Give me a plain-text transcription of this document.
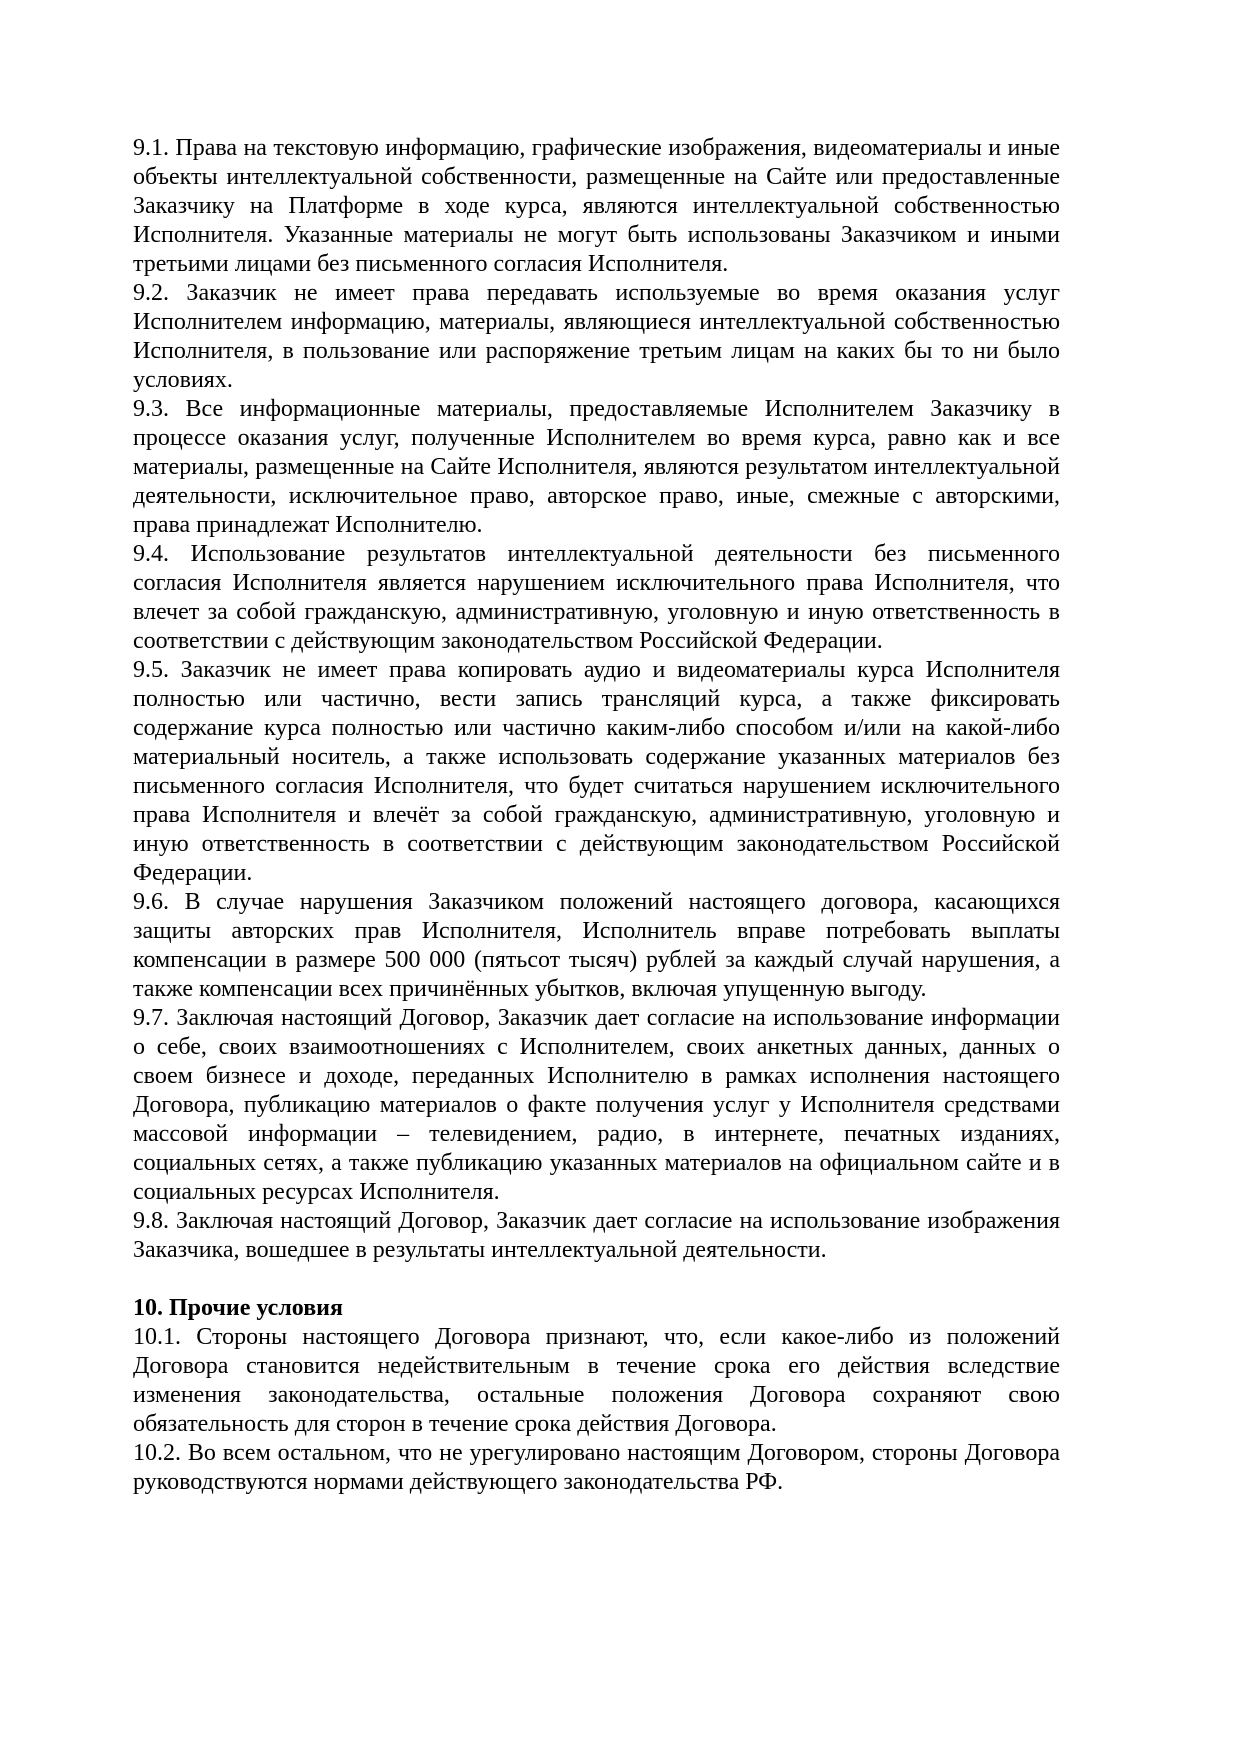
9.1. Права на текстовую информацию, графические изображения, видеоматериалы и иные объекты интеллектуальной собственности, размещенные на Сайте или предоставленные Заказчику на Платформе в ходе курса, являются интеллектуальной собственностью Исполнителя. Указанные материалы не могут быть использованы Заказчиком и иными третьими лицами без письменного согласия Исполнителя.

9.2. Заказчик не имеет права передавать используемые во время оказания услуг Исполнителем информацию, материалы, являющиеся интеллектуальной собственностью Исполнителя, в пользование или распоряжение третьим лицам на каких бы то ни было условиях.

9.3. Все информационные материалы, предоставляемые Исполнителем Заказчику в процессе оказания услуг, полученные Исполнителем во время курса, равно как и все материалы, размещенные на Сайте Исполнителя, являются результатом интеллектуальной деятельности, исключительное право, авторское право, иные, смежные с авторскими, права принадлежат Исполнителю.

9.4. Использование результатов интеллектуальной деятельности без письменного согласия Исполнителя является нарушением исключительного права Исполнителя, что влечет за собой гражданскую, административную, уголовную и иную ответственность в соответствии с действующим законодательством Российской Федерации.

9.5. Заказчик не имеет права копировать аудио и видеоматериалы курса Исполнителя полностью или частично, вести запись трансляций курса, а также фиксировать содержание курса полностью или частично каким-либо способом и/или на какой-либо материальный носитель, а также использовать содержание указанных материалов без письменного согласия Исполнителя, что будет считаться нарушением исключительного права Исполнителя и влечёт за собой гражданскую, административную, уголовную и иную ответственность в соответствии с действующим законодательством Российской Федерации.

9.6. В случае нарушения Заказчиком положений настоящего договора, касающихся защиты авторских прав Исполнителя, Исполнитель вправе потребовать выплаты компенсации в размере 500 000 (пятьсот тысяч) рублей за каждый случай нарушения, а также компенсации всех причинённых убытков, включая упущенную выгоду.

9.7. Заключая настоящий Договор, Заказчик дает согласие на использование информации о себе, своих взаимоотношениях с Исполнителем, своих анкетных данных, данных о своем бизнесе и доходе, переданных Исполнителю в рамках исполнения настоящего Договора, публикацию материалов о факте получения услуг у Исполнителя средствами массовой информации – телевидением, радио, в интернете, печатных изданиях, социальных сетях, а также публикацию указанных материалов на официальном сайте и в социальных ресурсах Исполнителя.

9.8. Заключая настоящий Договор, Заказчик дает согласие на использование изображения Заказчика, вошедшее в результаты интеллектуальной деятельности.

10. Прочие условия

10.1. Стороны настоящего Договора признают, что, если какое-либо из положений Договора становится недействительным в течение срока его действия вследствие изменения законодательства, остальные положения Договора сохраняют свою обязательность для сторон в течение срока действия Договора.

10.2. Во всем остальном, что не урегулировано настоящим Договором, стороны Договора руководствуются нормами действующего законодательства РФ.
